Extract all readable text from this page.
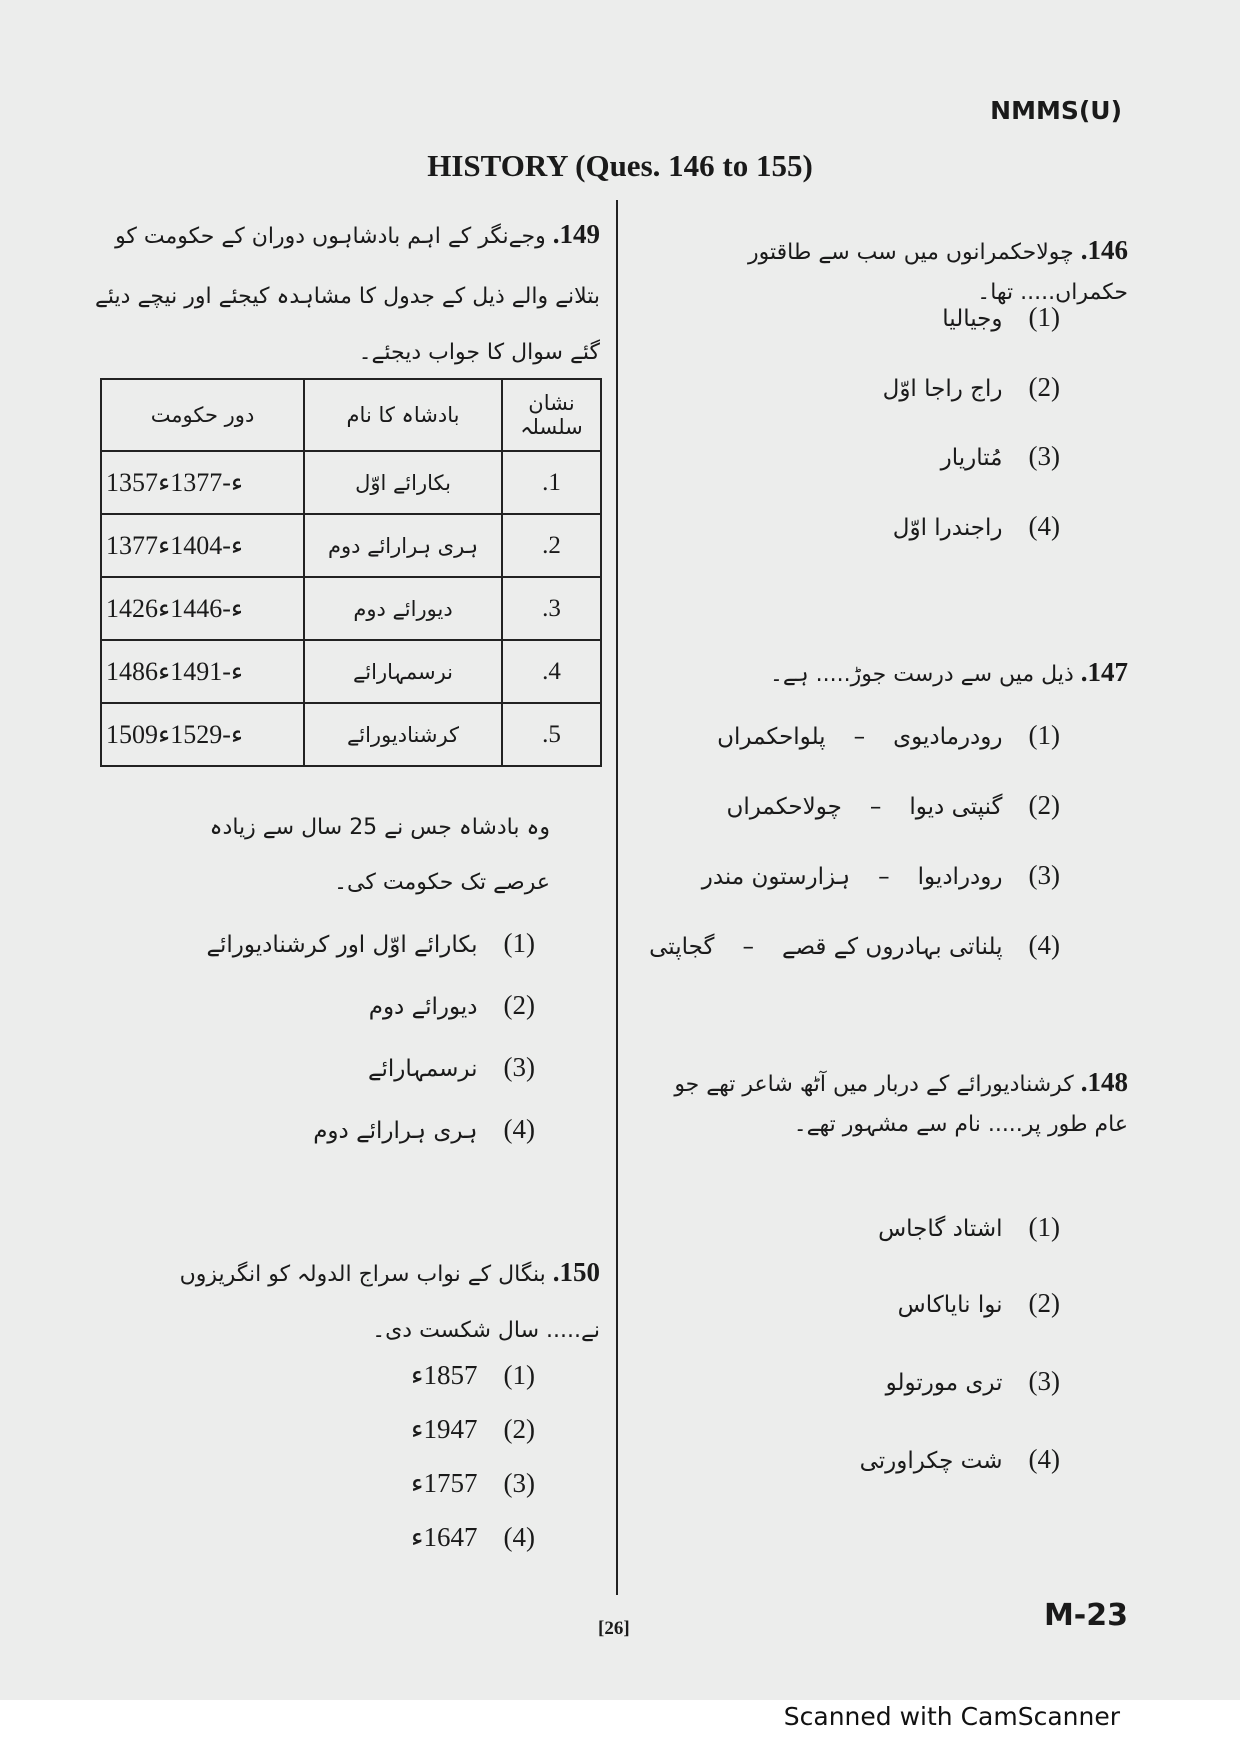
NMMS(U)
HISTORY (Ques. 146 to 155)
146. چولاحکمرانوں میں سب سے طاقتور حکمراں..... تھا۔
(1)وجیالیا
(2)راج راجا اوّل
(3)مُتاریار
(4)راجندرا اوّل
147. ذیل میں سے درست جوڑ..... ہے۔
(1)رودرمادیوی–پلواحکمراں
(2)گنپتی دیوا–چولاحکمراں
(3)رودرادیوا–ہزارستون مندر
(4)پلناتی بہادروں کے قصے–گجاپتی
148. کرشنادیورائے کے دربار میں آٹھ شاعر تھے جو عام طور پر..... نام سے مشہور تھے۔
(1)اشتاد گاجاس
(2)نوا نایاکاس
(3)تری مورتولو
(4)شت چکراورتی
149. وجےنگر کے اہم بادشاہوں دوران کے حکومت کو بتلانے والے ذیل کے جدول کا مشاہدہ کیجئے اور نیچے دیئے گئے سوال کا جواب دیجئے۔
دور حکومت	بادشاہ کا نام	نشان سلسلہ
1357ء-1377ء	بکارائے اوّل	.1
1377ء-1404ء	ہری ہرارائے دوم	.2
1426ء-1446ء	دیورائے دوم	.3
1486ء-1491ء	نرسمہارائے	.4
1509ء-1529ء	کرشنادیورائے	.5
وہ بادشاہ جس نے 25 سال سے زیادہ عرصے تک حکومت کی۔
(1)بکارائے اوّل اور کرشنادیورائے
(2)دیورائے دوم
(3)نرسمہارائے
(4)ہری ہرارائے دوم
150. بنگال کے نواب سراج الدولہ کو انگریزوں نے..... سال شکست دی۔
(1)1857ء
(2)1947ء
(3)1757ء
(4)1647ء
[26]	M-23
Scanned with CamScanner
